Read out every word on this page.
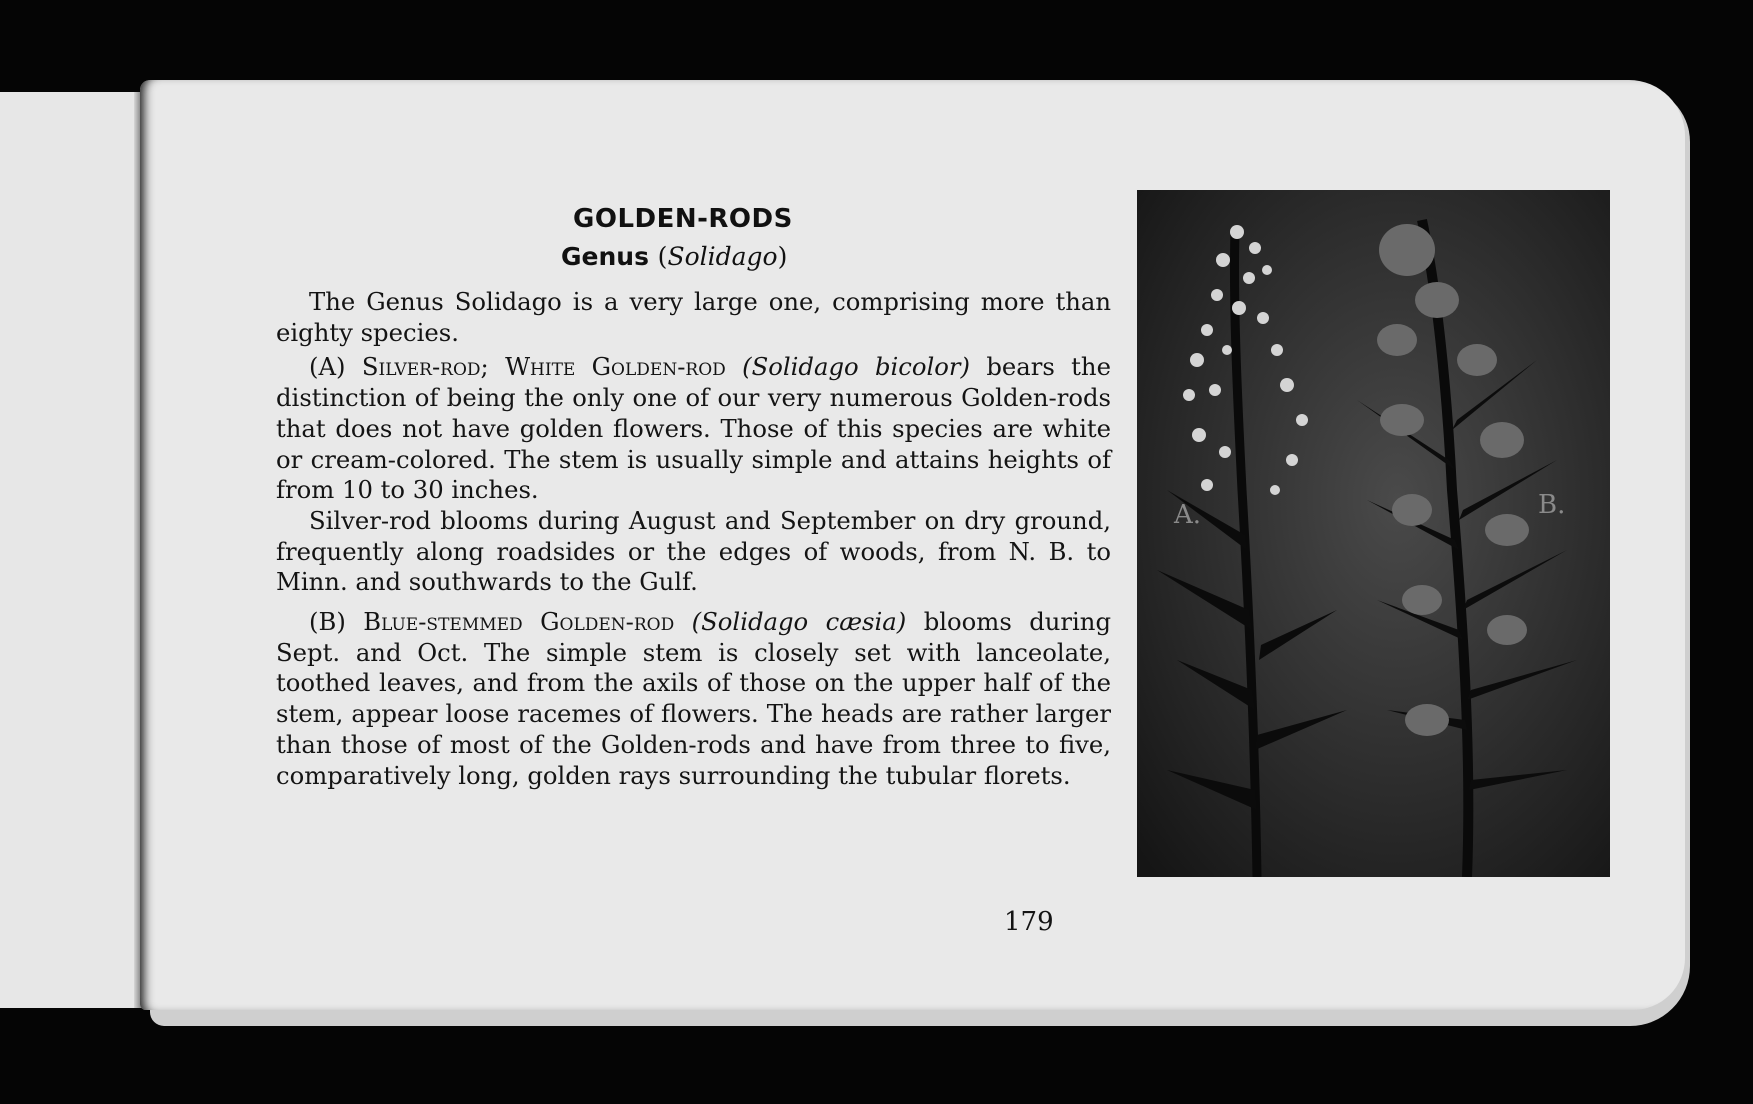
GOLDEN-RODS
Genus (Solidago)

The Genus Solidago is a very large one, comprising more than eighty species.

(A) Silver-rod; White Golden-rod (Solidago bicolor) bears the distinction of being the only one of our very numerous Golden-rods that does not have golden flowers. Those of this species are white or cream-colored. The stem is usually simple and attains heights of from 10 to 30 inches.

Silver-rod blooms during August and September on dry ground, frequently along roadsides or the edges of woods, from N. B. to Minn. and southwards to the Gulf.

(B) Blue-stemmed Golden-rod (Solidago cæsia) blooms during Sept. and Oct. The simple stem is closely set with lanceolate, toothed leaves, and from the axils of those on the upper half of the stem, appear loose racemes of flowers. The heads are rather larger than those of most of the Golden-rods and have from three to five, comparatively long, golden rays surrounding the tubular florets.

179
A.	B.
